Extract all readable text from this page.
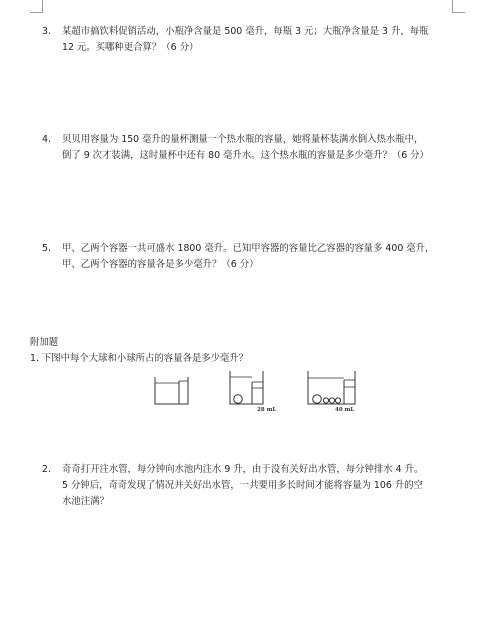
3. 某超市搞饮料促销活动，小瓶净含量是 500 毫升，每瓶 3 元；大瓶净含量是 3 升，每瓶
12 元。买哪种更合算？（6 分）
4. 贝贝用容量为 150 毫升的量杯测量一个热水瓶的容量，她将量杯装满水倒入热水瓶中，
倒了 9 次才装满，这时量杯中还有 80 毫升水。这个热水瓶的容量是多少毫升？（6 分）
5. 甲、乙两个容器一共可盛水 1800 毫升。已知甲容器的容量比乙容器的容量多 400 毫升，
甲、乙两个容器的容量各是多少毫升？（6 分）
附加题
1. 下图中每个大球和小球所占的容量各是多少毫升？
28 mL	40 mL
2. 奇奇打开注水管，每分钟向水池内注水 9 升，由于没有关好出水管，每分钟排水 4 升。
5 分钟后，奇奇发现了情况并关好出水管，一共要用多长时间才能将容量为 106 升的空
水池注满？
